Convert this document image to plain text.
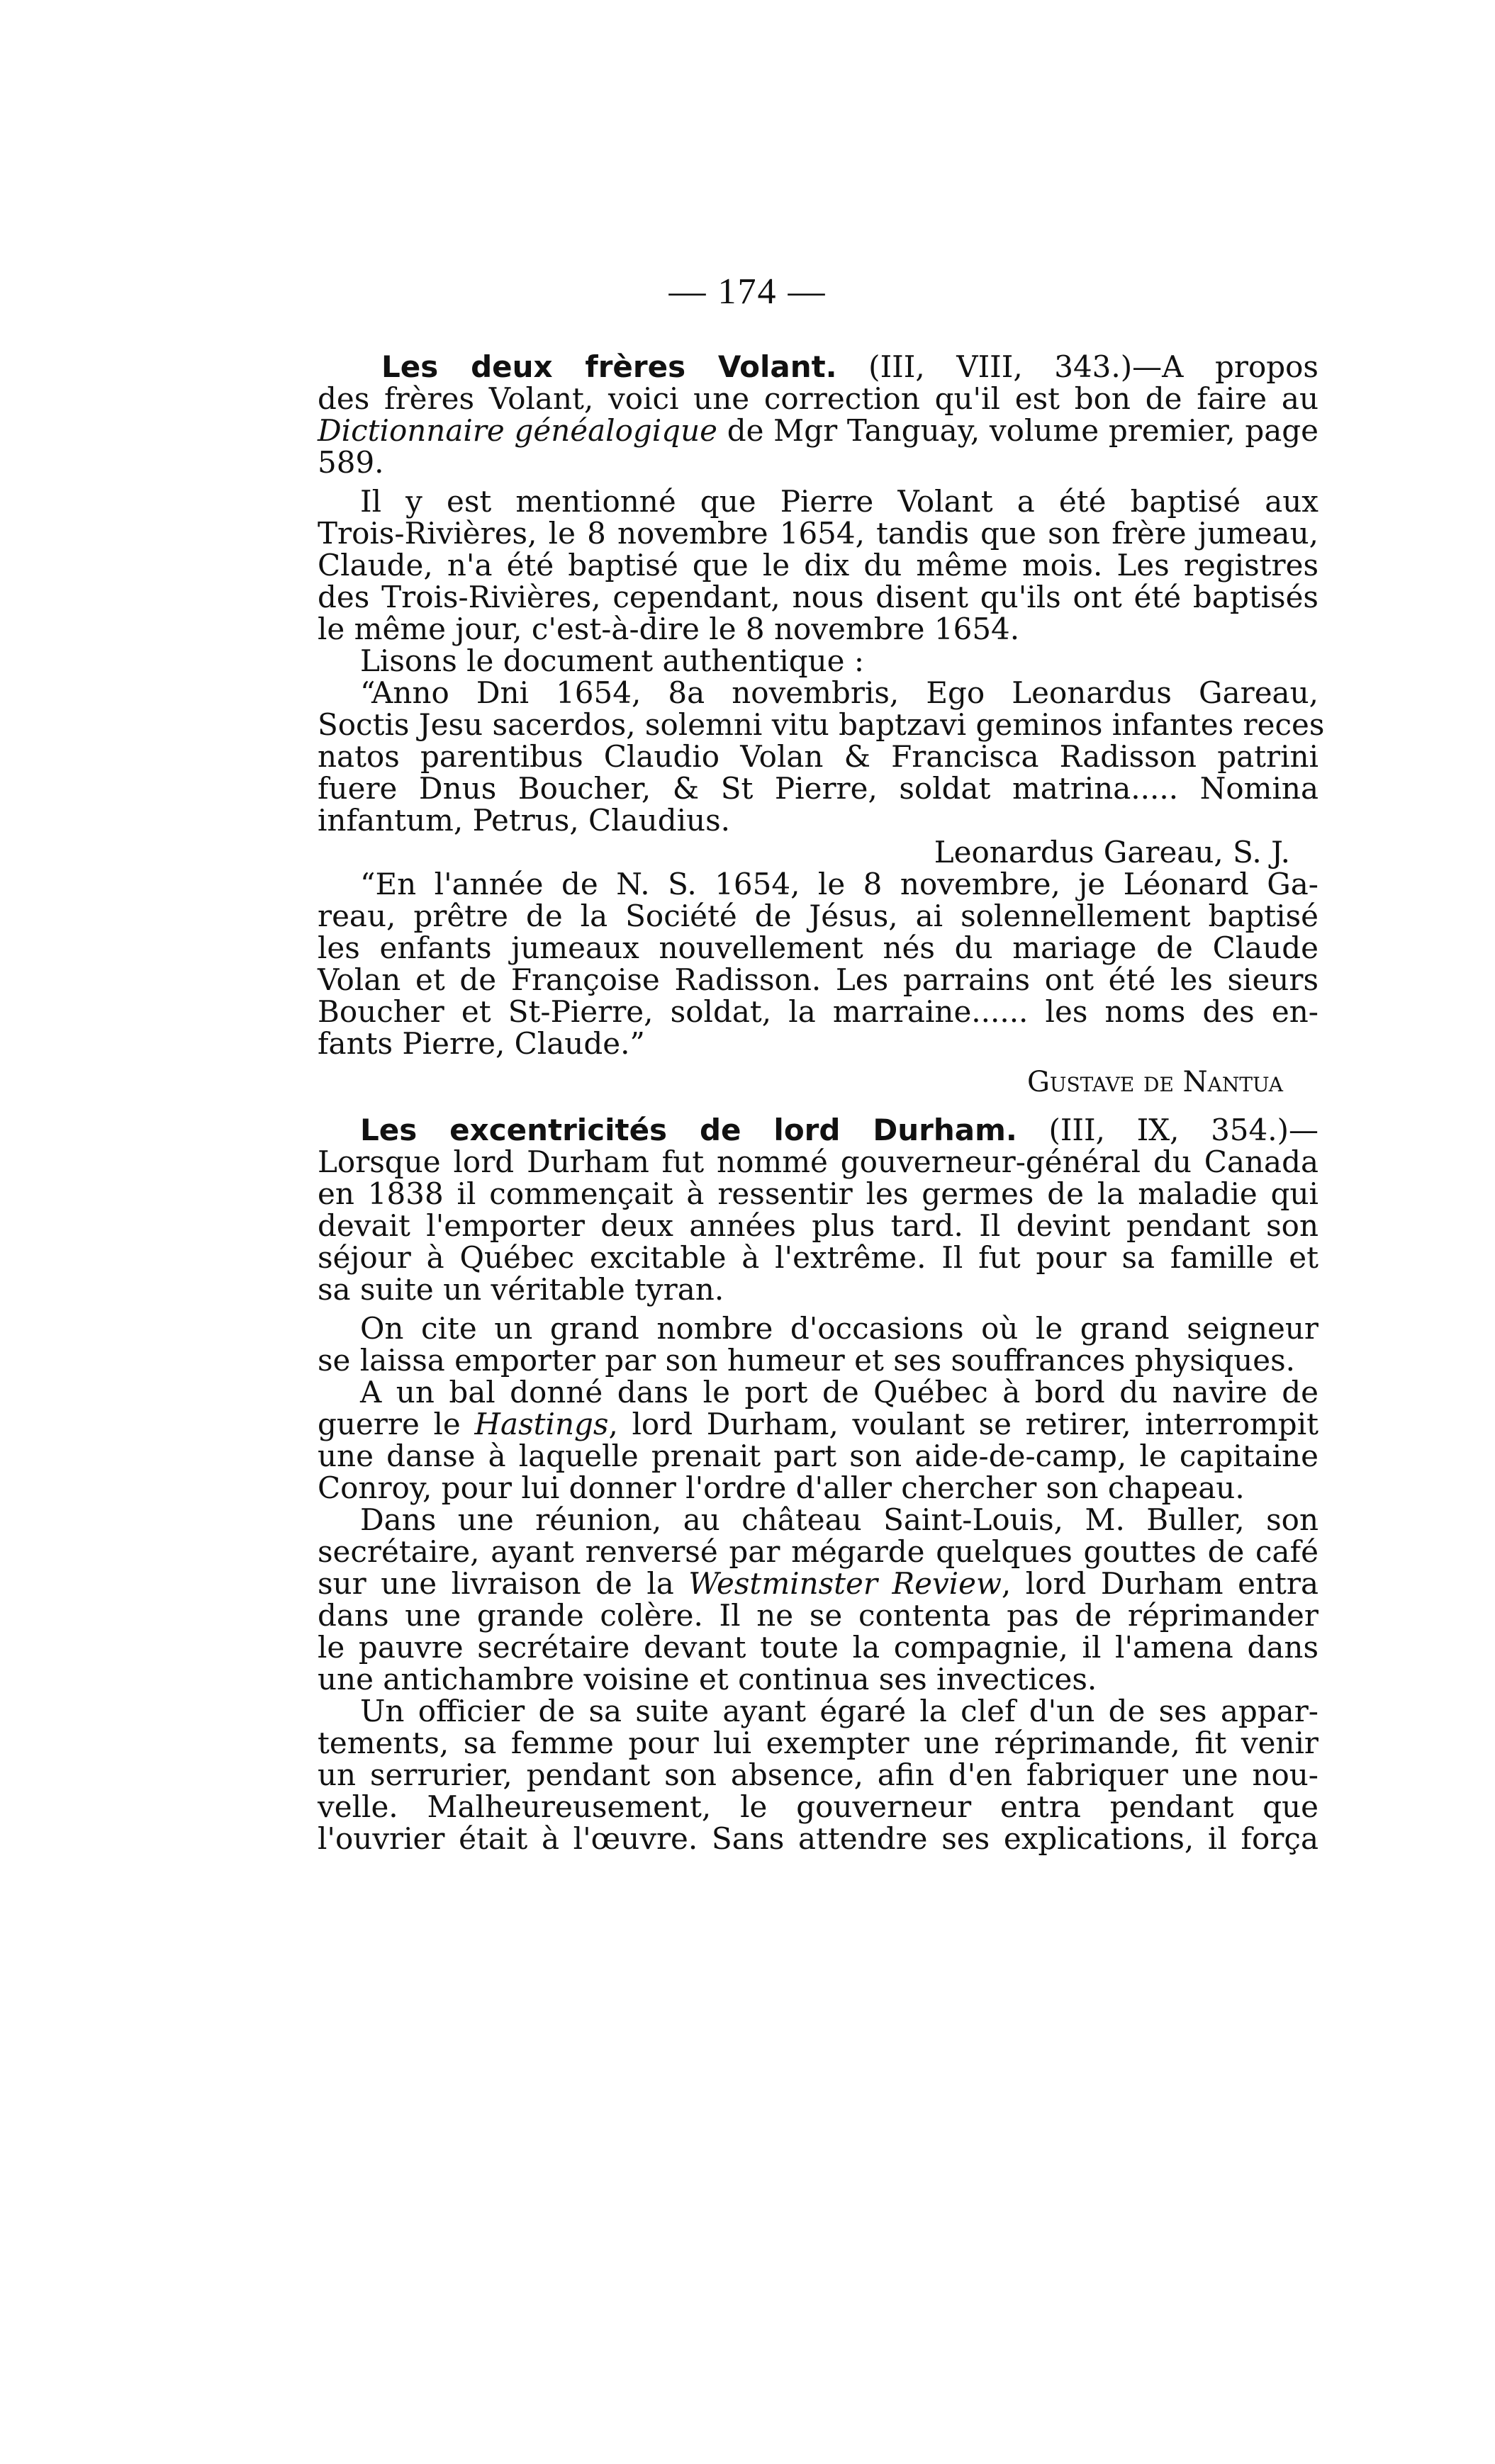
— 174 —
Les deux frères Volant. (III, VIII, 343.)—A propos
des frères Volant, voici une correction qu'il est bon de faire au
Dictionnaire généalogique de Mgr Tanguay, volume premier, page
589.
Il y est mentionné que Pierre Volant a été baptisé aux
Trois-Rivières, le 8 novembre 1654, tandis que son frère jumeau,
Claude, n'a été baptisé que le dix du même mois. Les registres
des Trois-Rivières, cependant, nous disent qu'ils ont été baptisés
le même jour, c'est-à-dire le 8 novembre 1654.
Lisons le document authentique :
“Anno Dni 1654, 8a novembris, Ego Leonardus Gareau,
Soctis Jesu sacerdos, solemni vitu baptzavi geminos infantes reces
natos parentibus Claudio Volan & Francisca Radisson patrini
fuere Dnus Boucher, & St Pierre, soldat matrina..... Nomina
infantum, Petrus, Claudius.
Leonardus Gareau, S. J.
“En l'année de N. S. 1654, le 8 novembre, je Léonard Ga-
reau, prêtre de la Société de Jésus, ai solennellement baptisé
les enfants jumeaux nouvellement nés du mariage de Claude
Volan et de Françoise Radisson. Les parrains ont été les sieurs
Boucher et St-Pierre, soldat, la marraine...... les noms des en-
fants Pierre, Claude.”
Gustave de Nantua
Les excentricités de lord Durham. (III, IX, 354.)—
Lorsque lord Durham fut nommé gouverneur-général du Canada
en 1838 il commençait à ressentir les germes de la maladie qui
devait l'emporter deux années plus tard. Il devint pendant son
séjour à Québec excitable à l'extrême. Il fut pour sa famille et
sa suite un véritable tyran.
On cite un grand nombre d'occasions où le grand seigneur
se laissa emporter par son humeur et ses souffrances physiques.
A un bal donné dans le port de Québec à bord du navire de
guerre le Hastings, lord Durham, voulant se retirer, interrompit
une danse à laquelle prenait part son aide-de-camp, le capitaine
Conroy, pour lui donner l'ordre d'aller chercher son chapeau.
Dans une réunion, au château Saint-Louis, M. Buller, son
secrétaire, ayant renversé par mégarde quelques gouttes de café
sur une livraison de la Westminster Review, lord Durham entra
dans une grande colère. Il ne se contenta pas de réprimander
le pauvre secrétaire devant toute la compagnie, il l'amena dans
une antichambre voisine et continua ses invectices.
Un officier de sa suite ayant égaré la clef d'un de ses appar-
tements, sa femme pour lui exempter une réprimande, fit venir
un serrurier, pendant son absence, afin d'en fabriquer une nou-
velle. Malheureusement, le gouverneur entra pendant que
l'ouvrier était à l'œuvre. Sans attendre ses explications, il força
